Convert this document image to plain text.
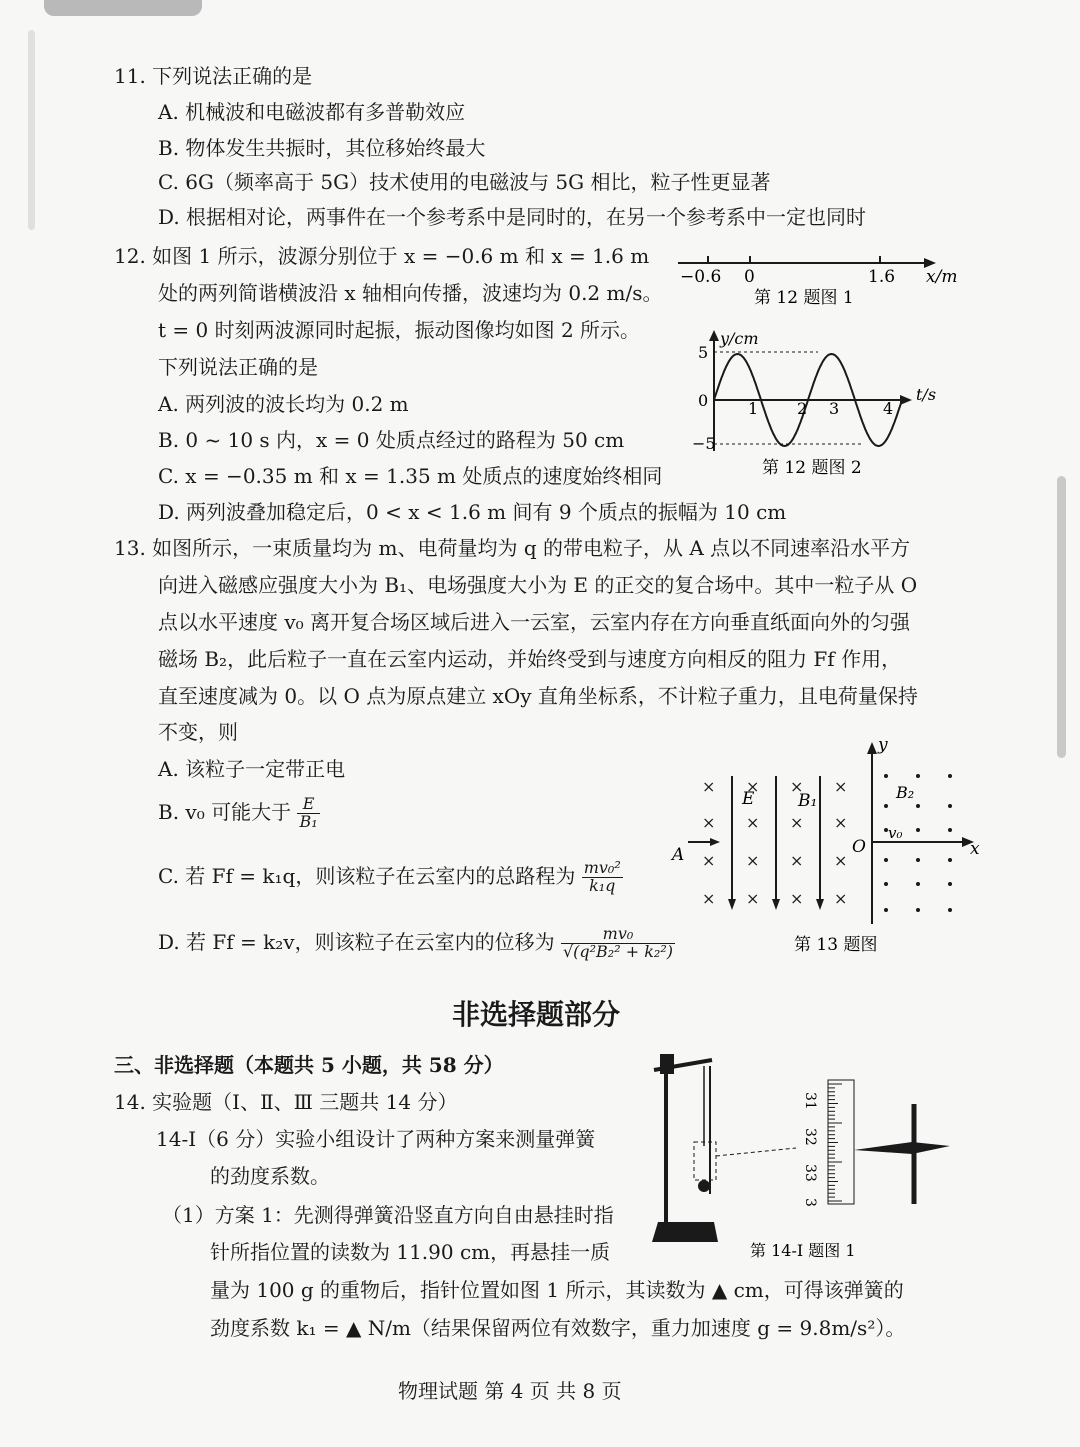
11. 下列说法正确的是
A. 机械波和电磁波都有多普勒效应
B. 物体发生共振时，其位移始终最大
C. 6G（频率高于 5G）技术使用的电磁波与 5G 相比，粒子性更显著
D. 根据相对论，两事件在一个参考系中是同时的，在另一个参考系中一定也同时
12. 如图 1 所示，波源分别位于 x = −0.6 m 和 x = 1.6 m
处的两列简谐横波沿 x 轴相向传播，波速均为 0.2 m/s。
t = 0 时刻两波源同时起振，振动图像均如图 2 所示。
下列说法正确的是
A. 两列波的波长均为 0.2 m
B. 0 ~ 10 s 内，x = 0 处质点经过的路程为 50 cm
C. x = −0.35 m 和 x = 1.35 m 处质点的速度始终相同
D. 两列波叠加稳定后，0 < x < 1.6 m 间有 9 个质点的振幅为 10 cm
−0.6 0	1.6 x/m
第 12 题图 1
y/cm
t/s
5
0
−5
1 2 3	4
第 12 题图 2
13. 如图所示，一束质量均为 m、电荷量均为 q 的带电粒子，从 A 点以不同速率沿水平方
向进入磁感应强度大小为 B₁、电场强度大小为 E 的正交的复合场中。其中一粒子从 O
点以水平速度 v₀ 离开复合场区域后进入一云室，云室内存在方向垂直纸面向外的匀强
磁场 B₂，此后粒子一直在云室内运动，并始终受到与速度方向相反的阻力 Ff 作用，
直至速度减为 0。以 O 点为原点建立 xOy 直角坐标系，不计粒子重力，且电荷量保持
不变，则
A. 该粒子一定带正电
B. v₀ 可能大于 $\frac{E}{\text{B₁}}$
C. 若 Ff = k₁q，则该粒子在云室内的总路程为 $\frac{\text{mv₀²}}{\text{k₁q}}$
D. 若 Ff = k₂v，则该粒子在云室内的位移为 $\frac{\text{mv₀}}{\text{√(q²B₂² + k₂²)}}$
×
×
×
×
×
×
×
×
×
×
×
×
×
×
×
×
E	B₁	B₂
A	O
v₀
x
y
第 13 题图
非选择题部分
三、非选择题（本题共 5 小题，共 58 分）
14. 实验题（Ⅰ、Ⅱ、Ⅲ 三题共 14 分）
14-Ⅰ（6 分）实验小组设计了两种方案来测量弹簧
的劲度系数。
（1）方案 1：先测得弹簧沿竖直方向自由悬挂时指
针所指位置的读数为 11.90 cm，再悬挂一质
量为 100 g 的重物后，指针位置如图 1 所示，其读数为 ▲ cm，可得该弹簧的
劲度系数 k₁ = ▲ N/m（结果保留两位有效数字，重力加速度 g = 9.8m/s²）。
31
32
33
3
第 14-Ⅰ 题图 1
物理试题 第 4 页 共 8 页
